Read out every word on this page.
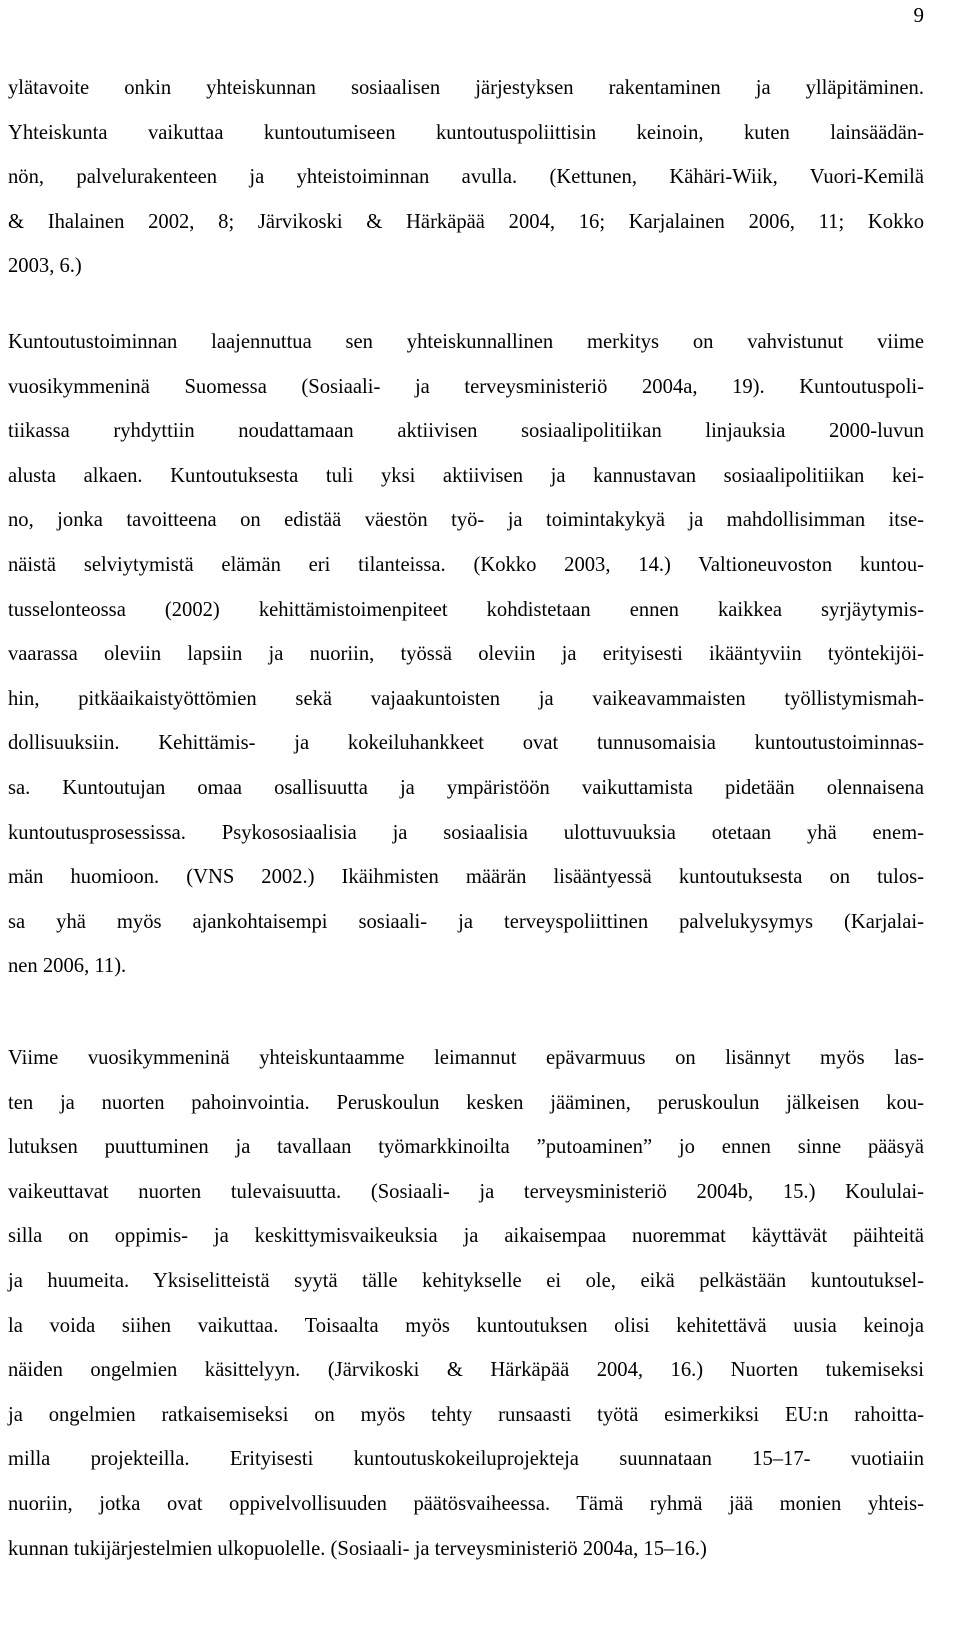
9

ylätavoite onkin yhteiskunnan sosiaalisen järjestyksen rakentaminen ja ylläpitäminen.
Yhteiskunta vaikuttaa kuntoutumiseen kuntoutuspoliittisin keinoin, kuten lainsäädän-
nön, palvelurakenteen ja yhteistoiminnan avulla. (Kettunen, Kähäri-Wiik, Vuori-Kemilä
& Ihalainen 2002, 8; Järvikoski & Härkäpää 2004, 16; Karjalainen 2006, 11; Kokko
2003, 6.)

Kuntoutustoiminnan laajennuttua sen yhteiskunnallinen merkitys on vahvistunut viime
vuosikymmeninä Suomessa (Sosiaali- ja terveysministeriö 2004a, 19). Kuntoutuspoli-
tiikassa ryhdyttiin noudattamaan aktiivisen sosiaalipolitiikan linjauksia 2000-luvun
alusta alkaen. Kuntoutuksesta tuli yksi aktiivisen ja kannustavan sosiaalipolitiikan kei-
no, jonka tavoitteena on edistää väestön työ- ja toimintakykyä ja mahdollisimman itse-
näistä selviytymistä elämän eri tilanteissa. (Kokko 2003, 14.) Valtioneuvoston kuntou-
tusselonteossa (2002) kehittämistoimenpiteet kohdistetaan ennen kaikkea syrjäytymis-
vaarassa oleviin lapsiin ja nuoriin, työssä oleviin ja erityisesti ikääntyviin työntekijöi-
hin, pitkäaikaistyöttömien sekä vajaakuntoisten ja vaikeavammaisten työllistymismah-
dollisuuksiin. Kehittämis- ja kokeiluhankkeet ovat tunnusomaisia kuntoutustoiminnas-
sa. Kuntoutujan omaa osallisuutta ja ympäristöön vaikuttamista pidetään olennaisena
kuntoutusprosessissa. Psykososiaalisia ja sosiaalisia ulottuvuuksia otetaan yhä enem-
män huomioon. (VNS 2002.) Ikäihmisten määrän lisääntyessä kuntoutuksesta on tulos-
sa yhä myös ajankohtaisempi sosiaali- ja terveyspoliittinen palvelukysymys (Karjalai-
nen 2006, 11).

Viime vuosikymmeninä yhteiskuntaamme leimannut epävarmuus on lisännyt myös las-
ten ja nuorten pahoinvointia. Peruskoulun kesken jääminen, peruskoulun jälkeisen kou-
lutuksen puuttuminen ja tavallaan työmarkkinoilta ”putoaminen” jo ennen sinne pääsyä
vaikeuttavat nuorten tulevaisuutta. (Sosiaali- ja terveysministeriö 2004b, 15.) Koululai-
silla on oppimis- ja keskittymisvaikeuksia ja aikaisempaa nuoremmat käyttävät päihteitä
ja huumeita. Yksiselitteistä syytä tälle kehitykselle ei ole, eikä pelkästään kuntoutuksel-
la voida siihen vaikuttaa. Toisaalta myös kuntoutuksen olisi kehitettävä uusia keinoja
näiden ongelmien käsittelyyn. (Järvikoski & Härkäpää 2004, 16.) Nuorten tukemiseksi
ja ongelmien ratkaisemiseksi on myös tehty runsaasti työtä esimerkiksi EU:n rahoitta-
milla projekteilla. Erityisesti kuntoutuskokeiluprojekteja suunnataan 15–17- vuotiaiin
nuoriin, jotka ovat oppivelvollisuuden päätösvaiheessa. Tämä ryhmä jää monien yhteis-
kunnan tukijärjestelmien ulkopuolelle. (Sosiaali- ja terveysministeriö 2004a, 15–16.)
